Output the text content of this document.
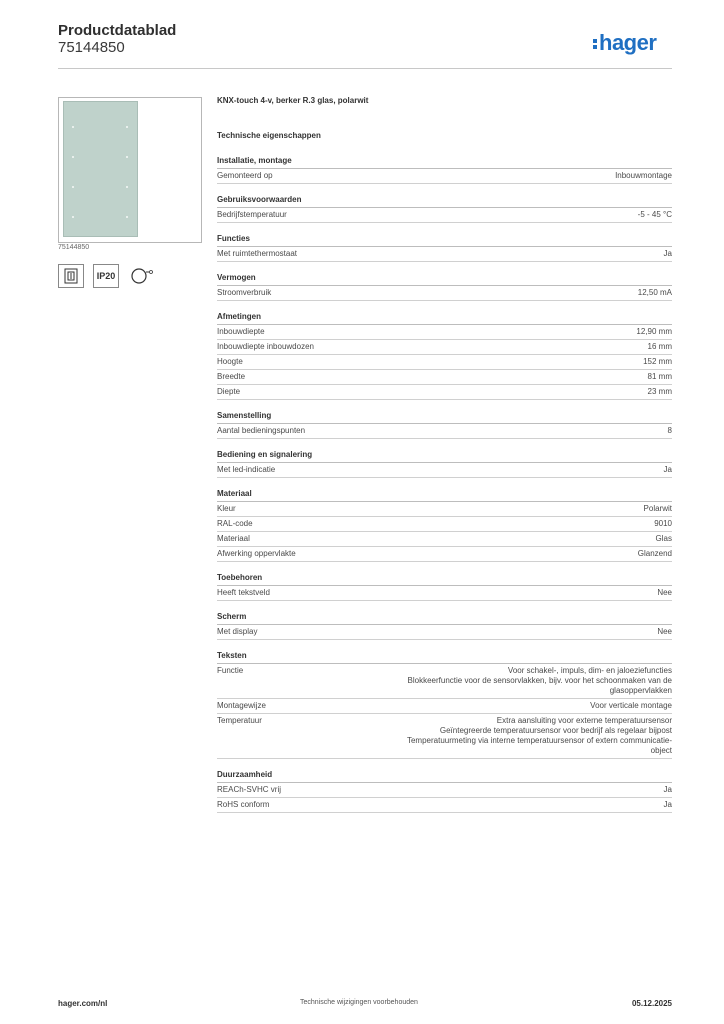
Productdatablad
75144850	hager
75144850
IP20
KNX-touch 4-v, berker R.3 glas, polarwit
Technische eigenschappen
Installatie, montage
Gemonteerd op	Inbouwmontage
Gebruiksvoorwaarden
Bedrijfstemperatuur	-5 - 45 °C
Functies
Met ruimtethermostaat	Ja
Vermogen
Stroomverbruik	12,50 mA
Afmetingen
Inbouwdiepte	12,90 mm
Inbouwdiepte inbouwdozen	16 mm
Hoogte	152 mm
Breedte	81 mm
Diepte	23 mm
Samenstelling
Aantal bedieningspunten	8
Bediening en signalering
Met led-indicatie	Ja
Materiaal
Kleur	Polarwit
RAL-code	9010
Materiaal	Glas
Afwerking oppervlakte	Glanzend
Toebehoren
Heeft tekstveld	Nee
Scherm
Met display	Nee
Teksten
Functie	Voor schakel-, impuls, dim- en jaloeziefuncties
Blokkeerfunctie voor de sensorvlakken, bijv. voor het schoonmaken van de
glasoppervlakken
Montagewijze	Voor verticale montage
Temperatuur	Extra aansluiting voor externe temperatuursensor
Geïntegreerde temperatuursensor voor bedrijf als regelaar bijpost
Temperatuurmeting via interne temperatuursensor of extern communicatie-
object
Duurzaamheid
REACh-SVHC vrij	Ja
RoHS conform	Ja
hager.com/nl	Technische wijzigingen voorbehouden	05.12.2025
